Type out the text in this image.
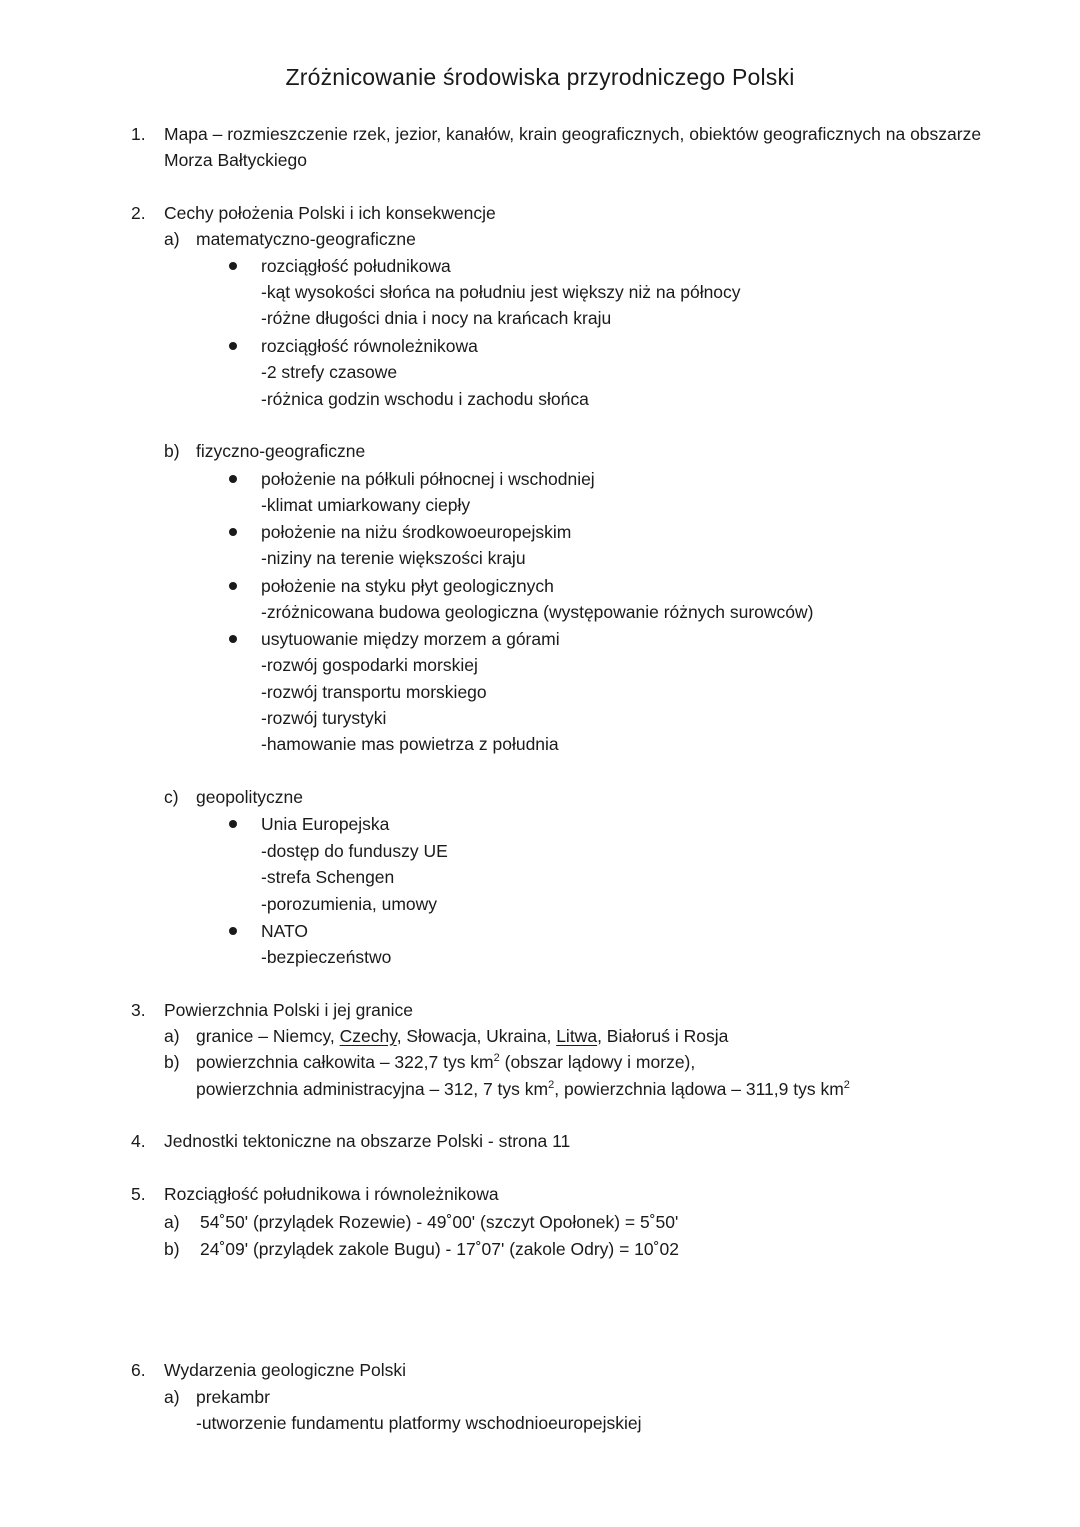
Zróżnicowanie środowiska przyrodniczego Polski
1. Mapa – rozmieszczenie rzek, jezior, kanałów, krain geograficznych, obiektów geograficznych na obszarze
Morza Bałtyckiego
2. Cechy położenia Polski i ich konsekwencje
a) matematyczno-geograficzne
rozciągłość południkowa
-kąt wysokości słońca na południu jest większy niż na północy
-różne długości dnia i nocy na krańcach kraju
rozciągłość równoleżnikowa
-2 strefy czasowe
-różnica godzin wschodu i zachodu słońca
b) fizyczno-geograficzne
położenie na półkuli północnej i wschodniej
-klimat umiarkowany ciepły
położenie na niżu środkowoeuropejskim
-niziny na terenie większości kraju
położenie na styku płyt geologicznych
-zróżnicowana budowa geologiczna (występowanie różnych surowców)
usytuowanie między morzem a górami
-rozwój gospodarki morskiej
-rozwój transportu morskiego
-rozwój turystyki
-hamowanie mas powietrza z południa
c) geopolityczne
Unia Europejska
-dostęp do funduszy UE
-strefa Schengen
-porozumienia, umowy
NATO
-bezpieczeństwo
3. Powierzchnia Polski i jej granice
a) granice – Niemcy, Czechy, Słowacja, Ukraina, Litwa, Białoruś i Rosja
b) powierzchnia całkowita – 322,7 tys $km^2$ (obszar lądowy i morze),
powierzchnia administracyjna – 312, 7 tys $km^2$, powierzchnia lądowa – 311,9 tys $km^2$
4. Jednostki tektoniczne na obszarze Polski - strona 11
5. Rozciągłość południkowa i równoleżnikowa
a) 54˚50' (przylądek Rozewie) - 49˚00' (szczyt Opołonek) = 5˚50'
b) 24˚09' (przylądek zakole Bugu) - 17˚07' (zakole Odry) = 10˚02
6. Wydarzenia geologiczne Polski
a) prekambr
-utworzenie fundamentu platformy wschodnioeuropejskiej
